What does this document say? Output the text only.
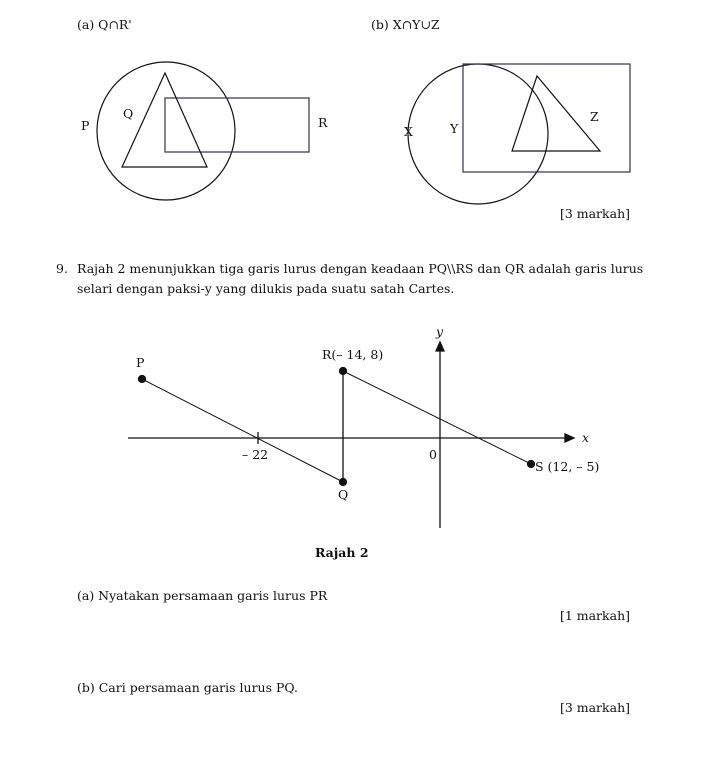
(a) Q∩R'	(b) X∩Y∪Z
P
Q
R
X	Y
Z
P
R(– 14, 8)
Q
S (12, – 5)
– 22	0
x
y
[3 markah]
9. Rajah 2 menunjukkan tiga garis lurus dengan keadaan PQ\\RS dan QR adalah garis lurus
selari dengan paksi-y yang dilukis pada suatu satah Cartes.
Rajah 2
(a) Nyatakan persamaan garis lurus PR
[1 markah]
(b) Cari persamaan garis lurus PQ.
[3 markah]
